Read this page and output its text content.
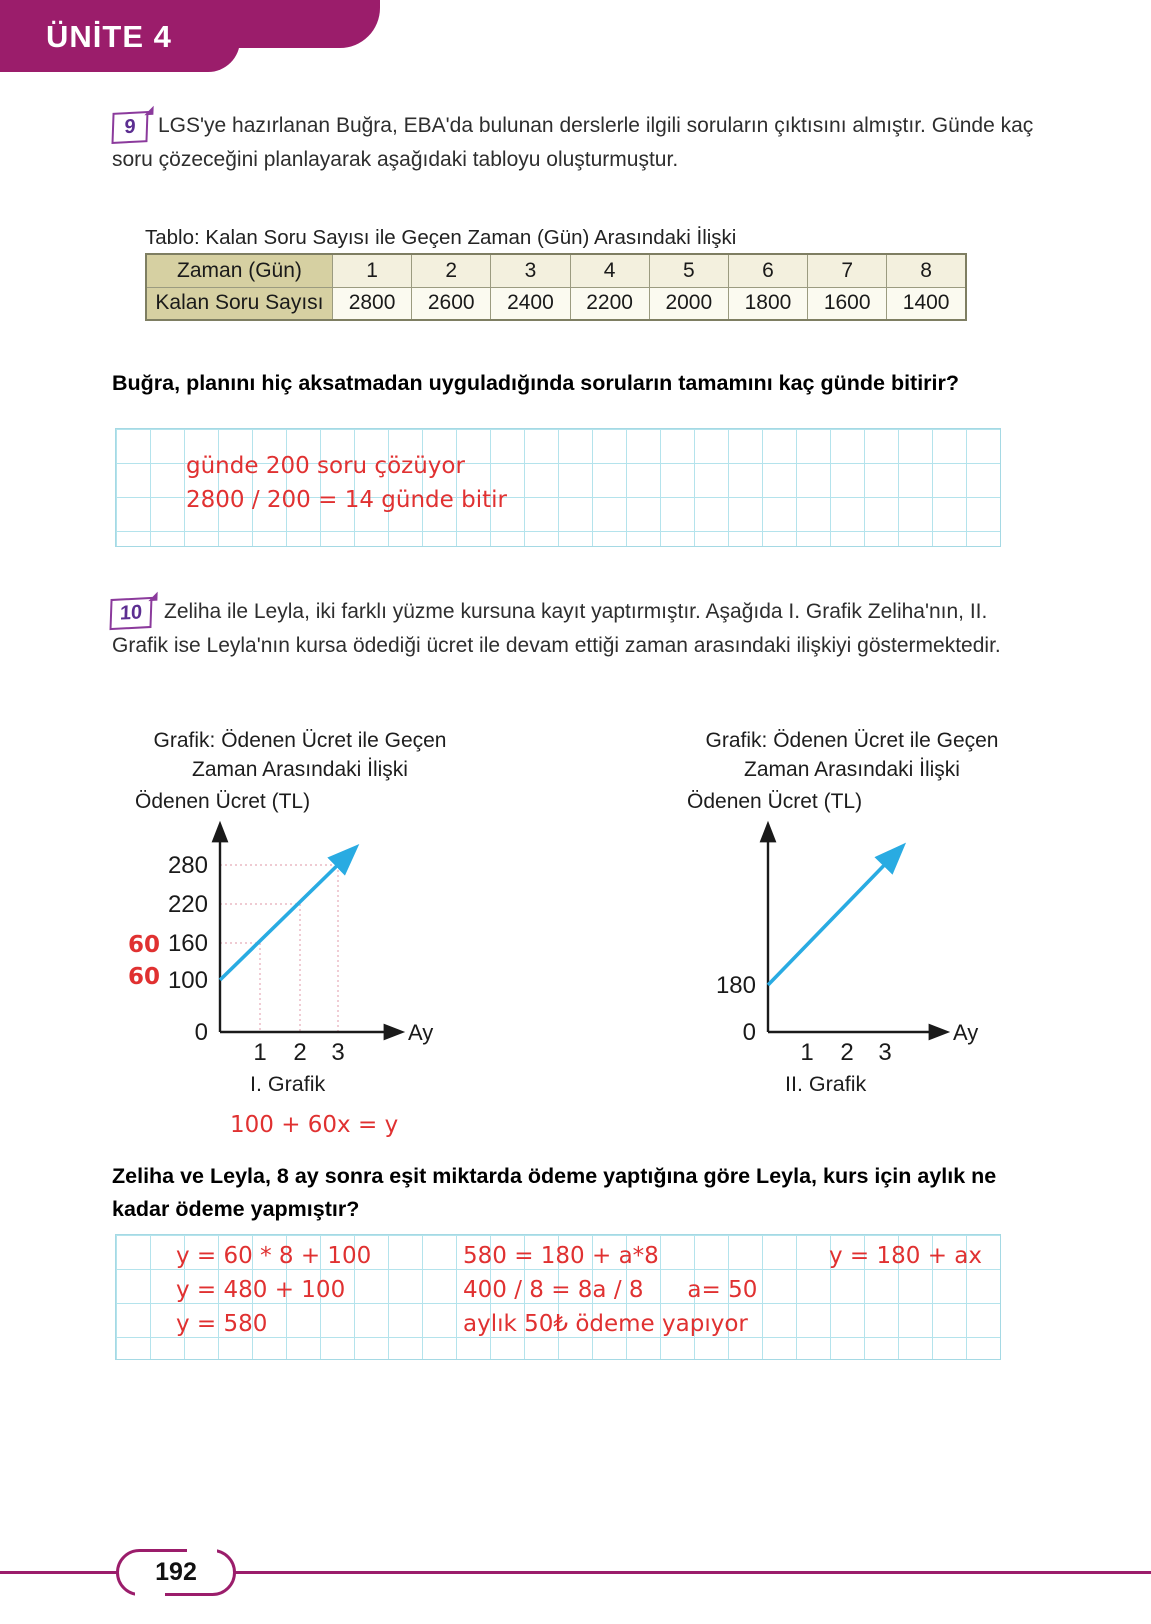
ÜNİTE 4
9	LGS'ye hazırlanan Buğra, EBA'da bulunan derslerle ilgili soruların çıktısını almıştır. Günde kaç soru çözeceğini planlayarak aşağıdaki tabloyu oluşturmuştur.
Tablo: Kalan Soru Sayısı ile Geçen Zaman (Gün) Arasındaki İlişki
Zaman (Gün)	1	2	3	4	5	6	7	8
Kalan Soru Sayısı	2800	2600	2400	2200	2000	1800	1600	1400
Buğra, planını hiç aksatmadan uyguladığında soruların tamamını kaç günde bitirir?
günde 200 soru çözüyor
2800 / 200 = 14 günde bitir
10	Zeliha ile Leyla, iki farklı yüzme kursuna kayıt yaptırmıştır. Aşağıda I. Grafik Zeliha'nın, II. Grafik ise Leyla'nın kursa ödediği ücret ile devam ettiği zaman arasındaki ilişkiyi göstermektedir.
Grafik: Ödenen Ücret ile Geçen Zaman Arasındaki İlişki
Ödenen Ücret (TL)
60
60
280
220
160
100
0
1 2 3
Ay
I. Grafik
100 + 60x = y
Grafik: Ödenen Ücret ile Geçen Zaman Arasındaki İlişki
Ödenen Ücret (TL)
180
0
1 2 3
Ay
II. Grafik
Zeliha ve Leyla, 8 ay sonra eşit miktarda ödeme yaptığına göre Leyla, kurs için aylık ne kadar ödeme yapmıştır?
y = 60 * 8 + 100
y = 480 + 100
y = 580
580 = 180 + a*8
400 / 8 = 8a / 8      a= 50
aylık 50₺ ödeme yapıyor
y = 180 + ax
192
